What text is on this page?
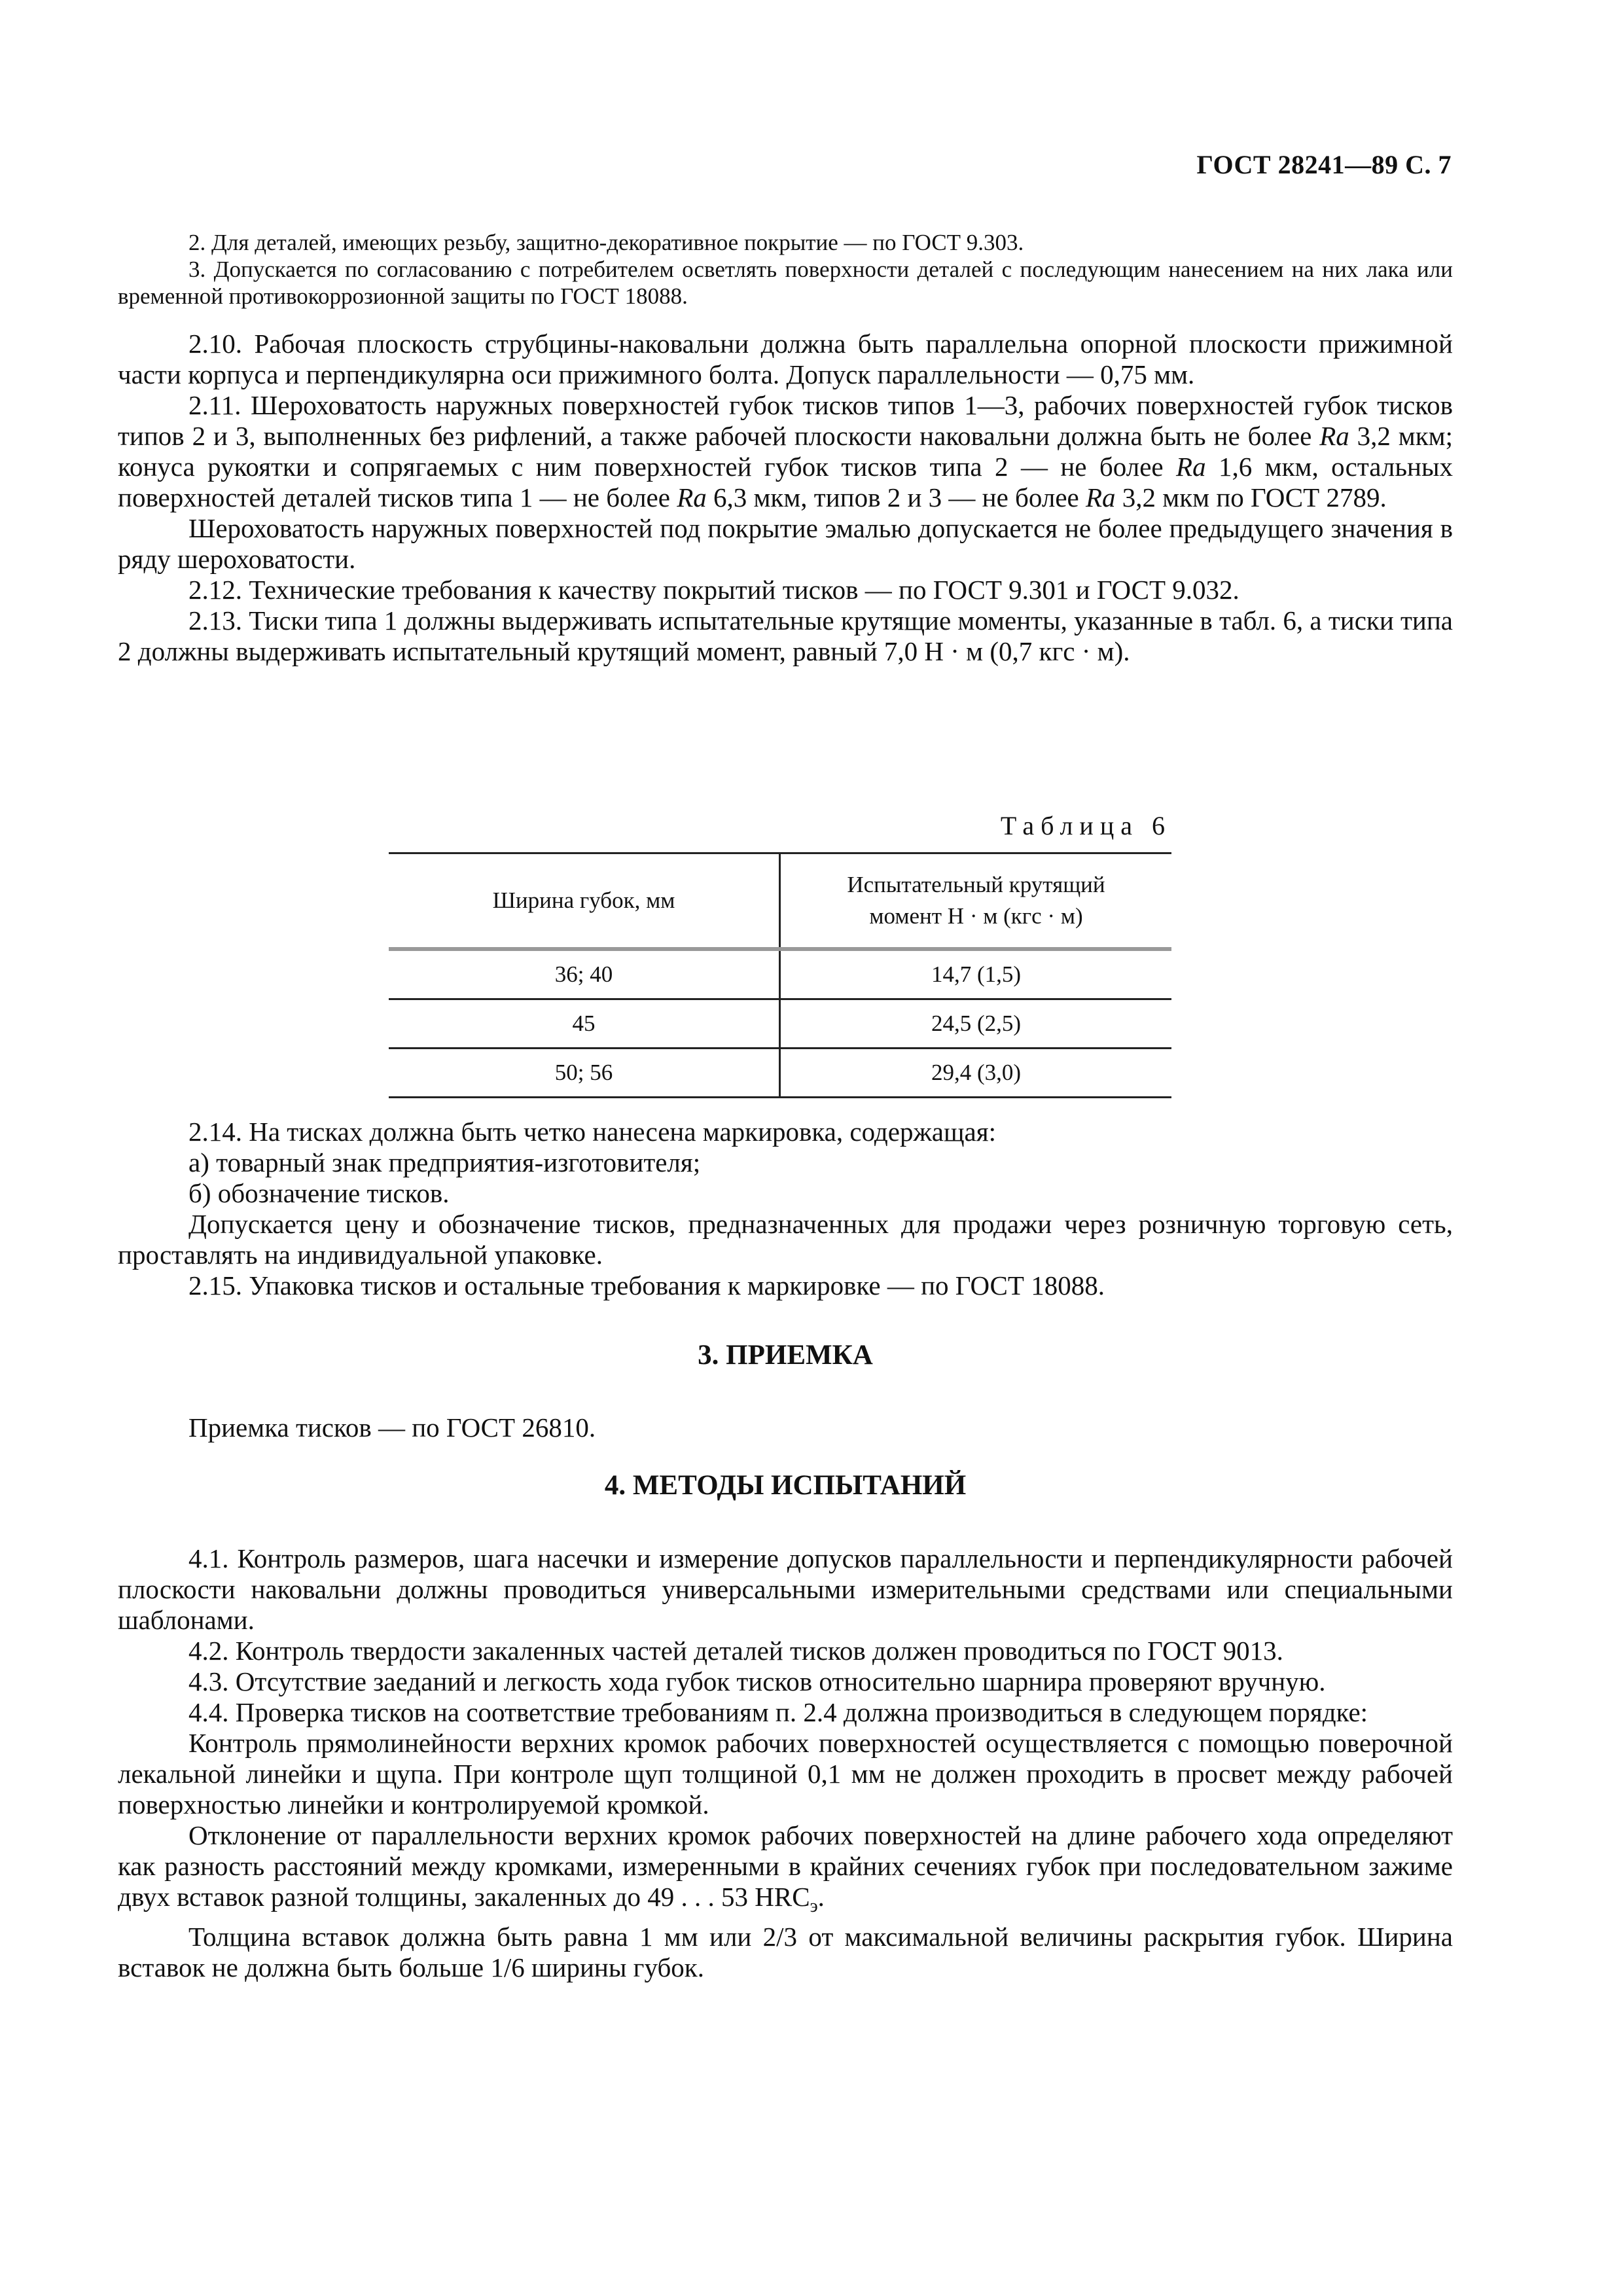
ГОСТ 28241—89 С. 7

2. Для деталей, имеющих резьбу, защитно-декоративное покрытие — по ГОСТ 9.303.

3. Допускается по согласованию с потребителем осветлять поверхности деталей с последующим нанесением на них лака или временной противокоррозионной защиты по ГОСТ 18088.

2.10. Рабочая плоскость струбцины-наковальни должна быть параллельна опорной плоскости прижимной части корпуса и перпендикулярна оси прижимного болта. Допуск параллельности — 0,75 мм.

2.11. Шероховатость наружных поверхностей губок тисков типов 1—3, рабочих поверхностей губок тисков типов 2 и 3, выполненных без рифлений, а также рабочей плоскости наковальни должна быть не более Ra 3,2 мкм; конуса рукоятки и сопрягаемых с ним поверхностей губок тисков типа 2 — не более Ra 1,6 мкм, остальных поверхностей деталей тисков типа 1 — не более Ra 6,3 мкм, типов 2 и 3 — не более Ra 3,2 мкм по ГОСТ 2789.

Шероховатость наружных поверхностей под покрытие эмалью допускается не более предыдущего значения в ряду шероховатости.

2.12. Технические требования к качеству покрытий тисков — по ГОСТ 9.301 и ГОСТ 9.032.

2.13. Тиски типа 1 должны выдерживать испытательные крутящие моменты, указанные в табл. 6, а тиски типа 2 должны выдерживать испытательный крутящий момент, равный 7,0 Н · м (0,7 кгс · м).

Таблица 6
Ширина губок, мм	Испытательный крутящий
момент Н · м (кгс · м)
36; 40	14,7 (1,5)
45	24,5 (2,5)
50; 56	29,4 (3,0)

2.14. На тисках должна быть четко нанесена маркировка, содержащая:

а) товарный знак предприятия-изготовителя;

б) обозначение тисков.

Допускается цену и обозначение тисков, предназначенных для продажи через розничную торговую сеть, проставлять на индивидуальной упаковке.

2.15. Упаковка тисков и остальные требования к маркировке — по ГОСТ 18088.

3. ПРИЕМКА

Приемка тисков — по ГОСТ 26810.

4. МЕТОДЫ ИСПЫТАНИЙ

4.1. Контроль размеров, шага насечки и измерение допусков параллельности и перпендикулярности рабочей плоскости наковальни должны проводиться универсальными измерительными средствами или специальными шаблонами.

4.2. Контроль твердости закаленных частей деталей тисков должен проводиться по ГОСТ 9013.

4.3. Отсутствие заеданий и легкость хода губок тисков относительно шарнира проверяют вручную.

4.4. Проверка тисков на соответствие требованиям п. 2.4 должна производиться в следующем порядке:

Контроль прямолинейности верхних кромок рабочих поверхностей осуществляется с помощью поверочной лекальной линейки и щупа. При контроле щуп толщиной 0,1 мм не должен проходить в просвет между рабочей поверхностью линейки и контролируемой кромкой.

Отклонение от параллельности верхних кромок рабочих поверхностей на длине рабочего хода определяют как разность расстояний между кромками, измеренными в крайних сечениях губок при последовательном зажиме двух вставок разной толщины, закаленных до 49 . . . 53 $HRC_э$.

Толщина вставок должна быть равна 1 мм или 2/3 от максимальной величины раскрытия губок. Ширина вставок не должна быть больше 1/6 ширины губок.
